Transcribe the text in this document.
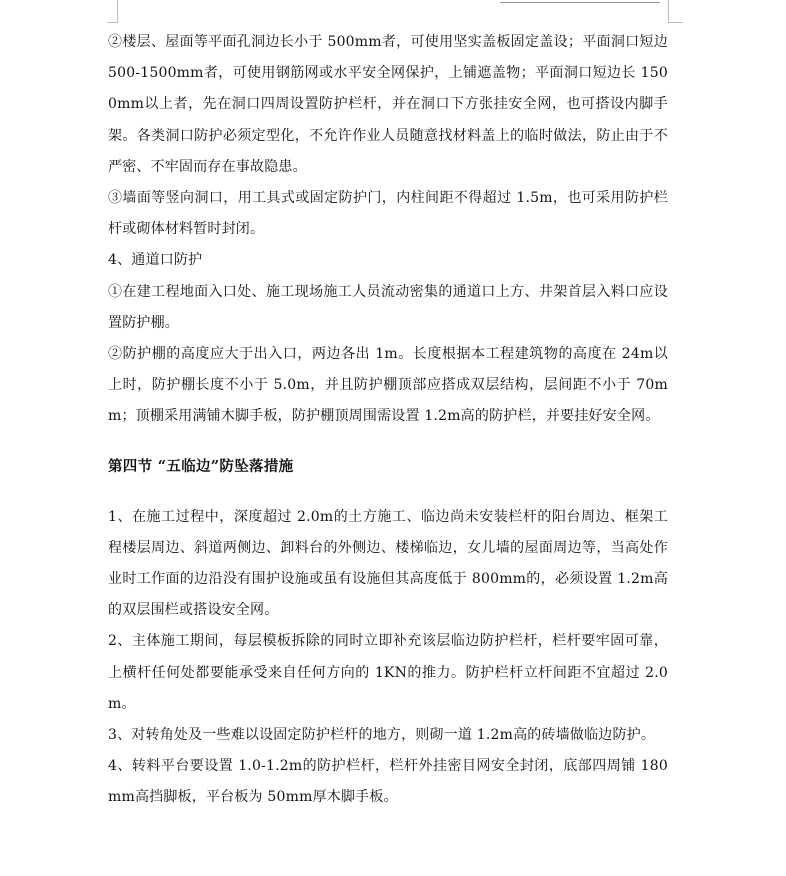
②楼层、屋面等平面孔洞边长小于 500mm者，可使用坚实盖板固定盖设；平面洞口短边 500-1500mm者，可使用钢筋网或水平安全网保护，上铺遮盖物；平面洞口短边长 1500mm以上者，先在洞口四周设置防护栏杆，并在洞口下方张挂安全网，也可搭设内脚手架。各类洞口防护必须定型化，不允许作业人员随意找材料盖上的临时做法，防止由于不严密、不牢固而存在事故隐患。

③墙面等竖向洞口，用工具式或固定防护门，内柱间距不得超过 1.5m，也可采用防护栏杆或砌体材料暂时封闭。

4、通道口防护

①在建工程地面入口处、施工现场施工人员流动密集的通道口上方、井架首层入料口应设置防护棚。

②防护棚的高度应大于出入口，两边各出 1m。长度根据本工程建筑物的高度在 24m以上时，防护棚长度不小于 5.0m，并且防护棚顶部应搭成双层结构，层间距不小于 70mm；顶棚采用满铺木脚手板，防护棚顶周围需设置 1.2m高的防护栏，并要挂好安全网。

第四节 “五临边”防坠落措施

1、在施工过程中，深度超过 2.0m的土方施工、临边尚未安装栏杆的阳台周边、框架工程楼层周边、斜道两侧边、卸料台的外侧边、楼梯临边，女儿墙的屋面周边等，当高处作业时工作面的边沿没有围护设施或虽有设施但其高度低于 800mm的，必须设置 1.2m高的双层围栏或搭设安全网。

2、主体施工期间，每层模板拆除的同时立即补充该层临边防护栏杆，栏杆要牢固可靠，上横杆任何处都要能承受来自任何方向的 1KN的推力。防护栏杆立杆间距不宜超过 2.0m。

3、对转角处及一些难以设固定防护栏杆的地方，则砌一道 1.2m高的砖墙做临边防护。

4、转料平台要设置 1.0-1.2m的防护栏杆，栏杆外挂密目网安全封闭，底部四周铺 180mm高挡脚板，平台板为 50mm厚木脚手板。
